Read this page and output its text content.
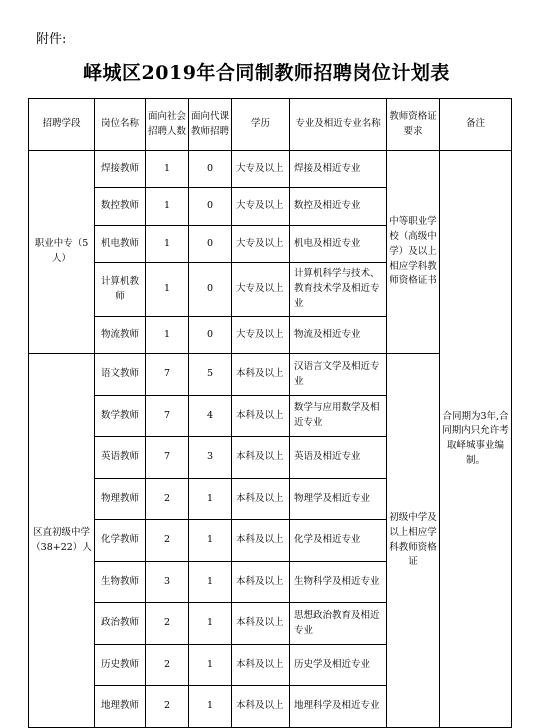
附件:
峄城区2019年合同制教师招聘岗位计划表
招聘学段	岗位名称	面向社会招聘人数	面向代课教师招聘	学历	专业及相近专业名称	教师资格证要求	备注
职业中专（5人）	焊接教师	1	0	大专及以上	焊接及相近专业	中等职业学校（高级中学）及以上相应学科教师资格证书	合同期为3年,合同期内只允许考取峄城事业编制。
	数控教师	1	0	大专及以上	数控及相近专业		
	机电教师	1	0	大专及以上	机电及相近专业		
	计算机教师	1	0	大专及以上	计算机科学与技术、教育技术学及相近专业		
	物流教师	1	0	大专及以上	物流及相近专业		
区直初级中学（38+22）人	语文教师	7	5	本科及以上	汉语言文学及相近专业	初级中学及以上相应学科教师资格证	
	数学教师	7	4	本科及以上	数学与应用数学及相近专业		
	英语教师	7	3	本科及以上	英语及相近专业		
	物理教师	2	1	本科及以上	物理学及相近专业		
	化学教师	2	1	本科及以上	化学及相近专业		
	生物教师	3	1	本科及以上	生物科学及相近专业		
	政治教师	2	1	本科及以上	思想政治教育及相近专业		
	历史教师	2	1	本科及以上	历史学及相近专业		
	地理教师	2	1	本科及以上	地理科学及相近专业		
